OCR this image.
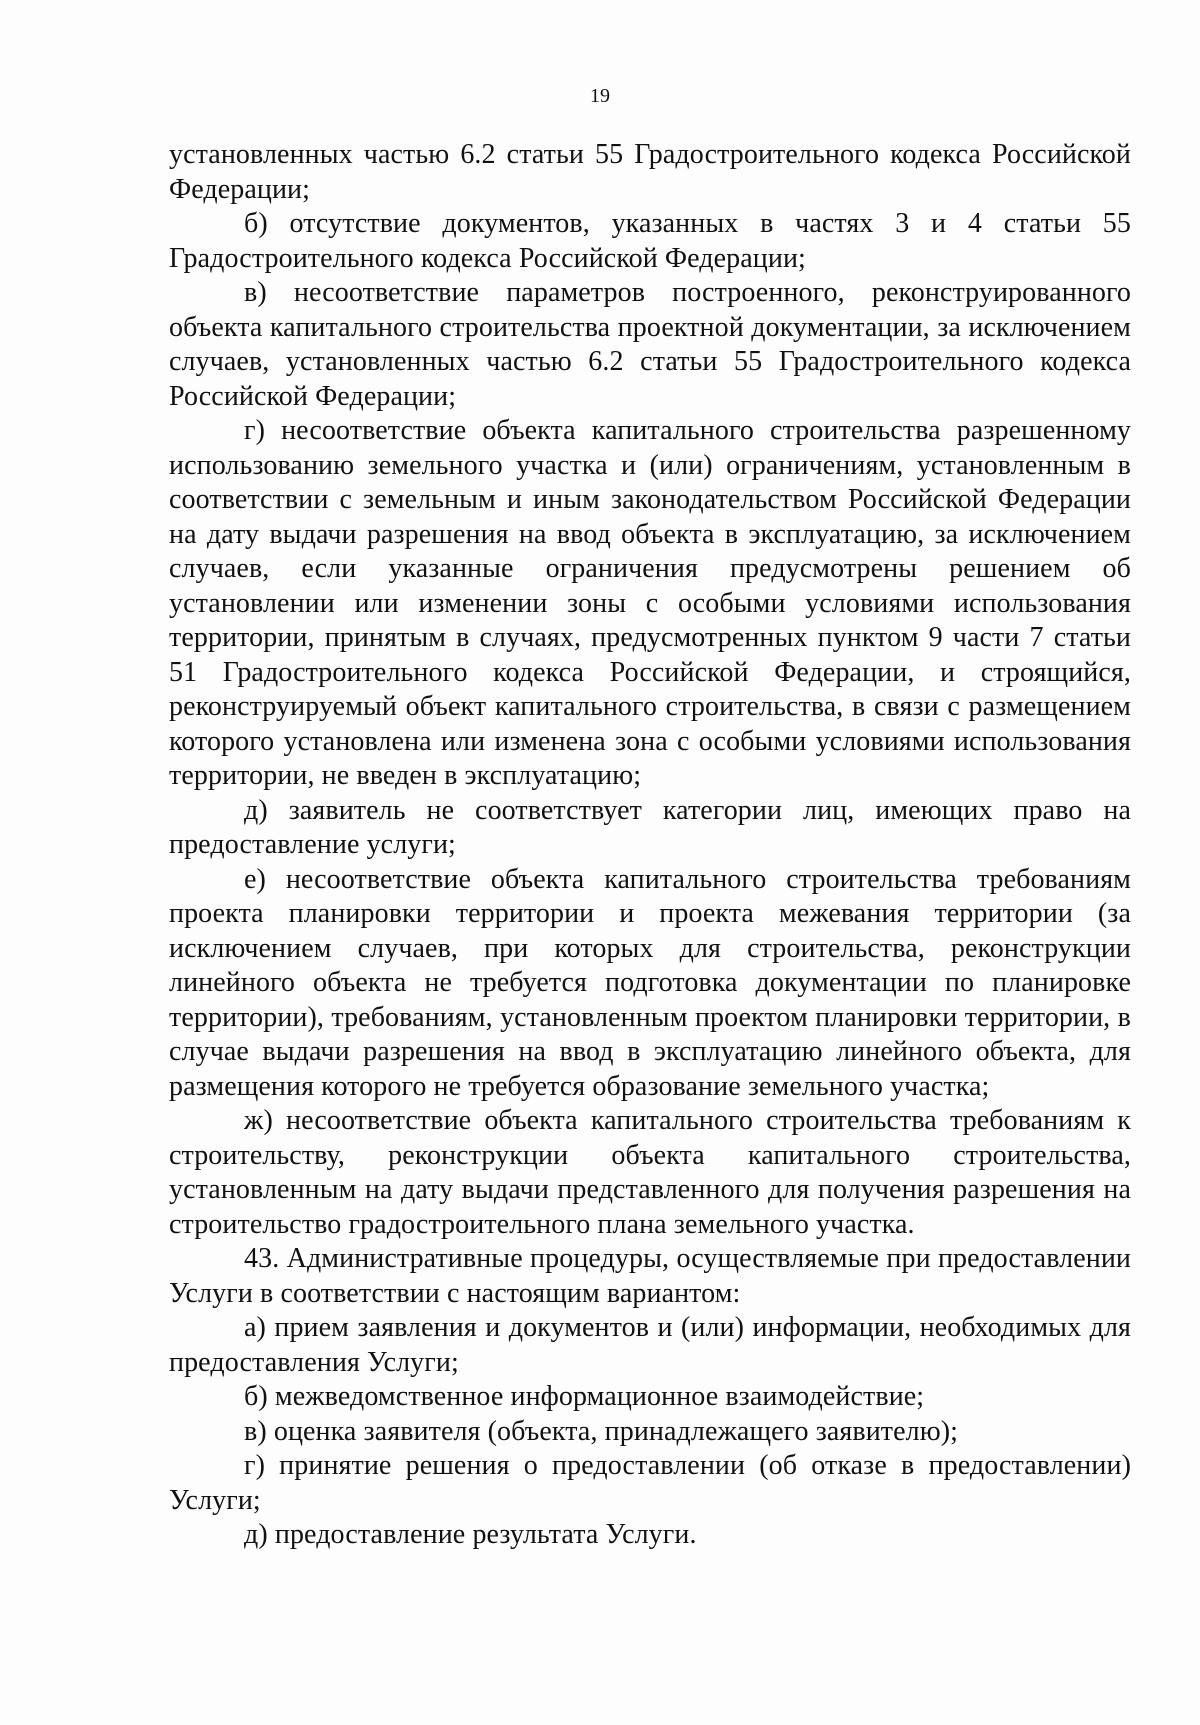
19

установленных частью 6.2 статьи 55 Градостроительного кодекса Российской Федерации;

б) отсутствие документов, указанных в частях 3 и 4 статьи 55 Градостроительного кодекса Российской Федерации;

в) несоответствие параметров построенного, реконструированного объекта капитального строительства проектной документации, за исключением случаев, установленных частью 6.2 статьи 55 Градостроительного кодекса Российской Федерации;

г) несоответствие объекта капитального строительства разрешенному использованию земельного участка и (или) ограничениям, установленным в соответствии с земельным и иным законодательством Российской Федерации на дату выдачи разрешения на ввод объекта в эксплуатацию, за исключением случаев, если указанные ограничения предусмотрены решением об установлении или изменении зоны с особыми условиями использования территории, принятым в случаях, предусмотренных пунктом 9 части 7 статьи 51 Градостроительного кодекса Российской Федерации, и строящийся, реконструируемый объект капитального строительства, в связи с размещением которого установлена или изменена зона с особыми условиями использования территории, не введен в эксплуатацию;

д) заявитель не соответствует категории лиц, имеющих право на предоставление услуги;

е) несоответствие объекта капитального строительства требованиям проекта планировки территории и проекта межевания территории (за исключением случаев, при которых для строительства, реконструкции линейного объекта не требуется подготовка документации по планировке территории), требованиям, установленным проектом планировки территории, в случае выдачи разрешения на ввод в эксплуатацию линейного объекта, для размещения которого не требуется образование земельного участка;

ж) несоответствие объекта капитального строительства требованиям к строительству, реконструкции объекта капитального строительства, установленным на дату выдачи представленного для получения разрешения на строительство градостроительного плана земельного участка.

43. Административные процедуры, осуществляемые при предоставлении Услуги в соответствии с настоящим вариантом:

а) прием заявления и документов и (или) информации, необходимых для предоставления Услуги;

б) межведомственное информационное взаимодействие;

в) оценка заявителя (объекта, принадлежащего заявителю);

г) принятие решения о предоставлении (об отказе в предоставлении) Услуги;

д) предоставление результата Услуги.
